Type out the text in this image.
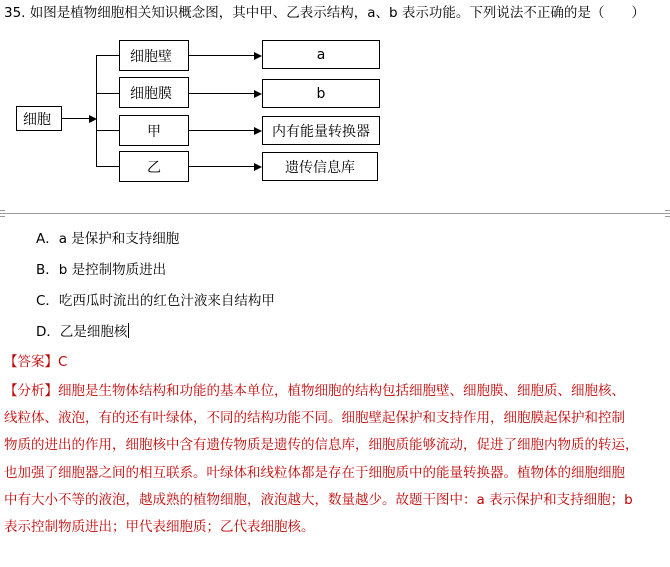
35. 如图是植物细胞相关知识概念图，其中甲、乙表示结构，a、b 表示功能。下列说法不正确的是（　　）
细胞
细胞壁
细胞膜
甲
乙
a
b
内有能量转换器
遗传信息库
A．a 是保护和支持细胞
B．b 是控制物质进出
C．吃西瓜时流出的红色汁液来自结构甲
D．乙是细胞核
【答案】C

【分析】细胞是生物体结构和功能的基本单位，植物细胞的结构包括细胞壁、细胞膜、细胞质、细胞核、

线粒体、液泡，有的还有叶绿体，不同的结构功能不同。细胞壁起保护和支持作用，细胞膜起保护和控制

物质的进出的作用，细胞核中含有遗传物质是遗传的信息库，细胞质能够流动，促进了细胞内物质的转运，

也加强了细胞器之间的相互联系。叶绿体和线粒体都是存在于细胞质中的能量转换器。植物体的细胞细胞

中有大小不等的液泡，越成熟的植物细胞，液泡越大，数量越少。故题干图中：a 表示保护和支持细胞；b

表示控制物质进出；甲代表细胞质；乙代表细胞核。
